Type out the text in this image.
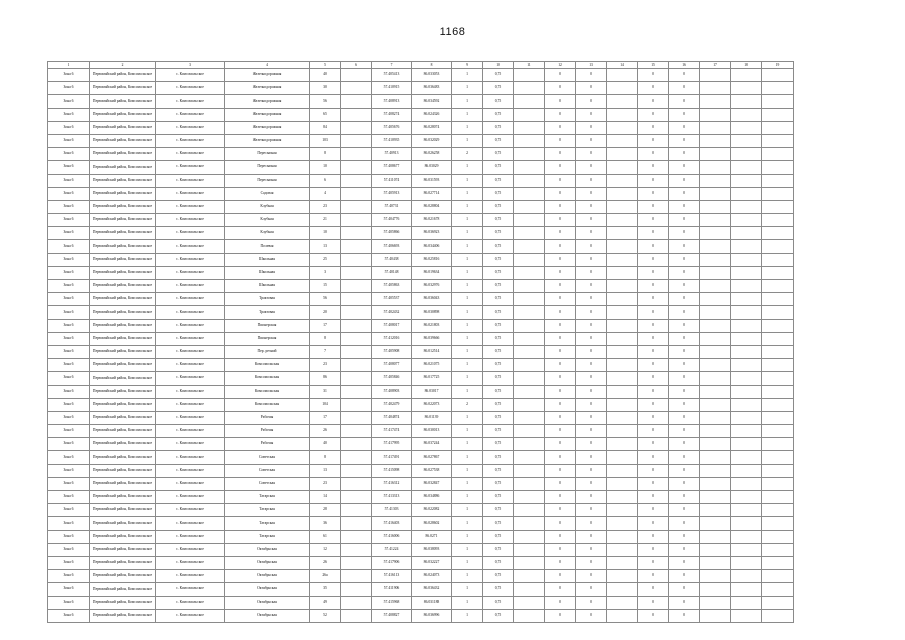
1168
1	2	3	4	5	6	7	8	9	10	11	12	13	14	15	16	17	18	19
Зона 6	Первомайский район, Комсомольское	с. Комсомольское	Железнодорожная	40		57.405413	86.033053	1	0,75		0	0		0	0			
Зона 6	Первомайский район, Комсомольское	с. Комсомольское	Железнодорожная	30		57.410915	86.036483	1	0,75		0	0		0	0			
Зона 6	Первомайский район, Комсомольское	с. Комсомольское	Железнодорожная	56		57.408913	86.034592	1	0,75		0	0		0	0			
Зона 6	Первомайский район, Комсомольское	с. Комсомольское	Железнодорожная	65		57.408274	86.024326	1	0,75		0	0		0	0			
Зона 6	Первомайский район, Комсомольское	с. Комсомольское	Железнодорожная	84		57.405676	86.028074	1	0,75		0	0		0	0			
Зона 6	Первомайский район, Комсомольское	с. Комсомольское	Железнодорожная	103		57.410935	86.032029	1	0,75		0	0		0	0			
Зона 6	Первомайский район, Комсомольское	с. Комсомольское	Пересыпная	8		57.40913	86.026258	2	0,75		0	0		0	0			
Зона 6	Первомайский район, Комсомольское	с. Комсомольское	Пересыпная	10		57.408677	86.03029	1	0,75		0	0		0	0			
Зона 6	Первомайский район, Комсомольское	с. Комсомольское	Пересыпная	6		57.411074	86.031593	1	0,75		0	0		0	0			
Зона 6	Первомайский район, Комсомольское	с. Комсомольское	Садовая	4		57.405913	86.027714	1	0,75		0	0		0	0			
Зона 6	Первомайский район, Комсомольское	с. Комсомольское	Клубная	23		57.40731	86.028804	1	0,75		0	0		0	0			
Зона 6	Первомайский район, Комсомольское	с. Комсомольское	Клубная	21		57.404776	86.021678	1	0,75		0	0		0	0			
Зона 6	Первомайский район, Комсомольское	с. Комсомольское	Клубная	10		57.405866	86.036923	1	0,75		0	0		0	0			
Зона 6	Первомайский район, Комсомольское	с. Комсомольское	Полевая	13		57.406693	86.034406	1	0,75		0	0		0	0			
Зона 6	Первомайский район, Комсомольское	с. Комсомольское	Школьная	25		57.40438	86.025816	1	0,75		0	0		0	0			
Зона 6	Первомайский район, Комсомольское	с. Комсомольское	Школьная	3		57.40148	86.019634	1	0,75		0	0		0	0			
Зона 6	Первомайский район, Комсомольское	с. Комсомольское	Школьная	15		57.405863	86.032976	1	0,75		0	0		0	0			
Зона 6	Первомайский район, Комсомольское	с. Комсомольское	Трактовая	56		57.405537	86.036043	1	0,75		0	0		0	0			
Зона 6	Первомайский район, Комсомольское	с. Комсомольское	Трактовая	20		57.402432	86.030898	1	0,75		0	0		0	0			
Зона 6	Первомайский район, Комсомольское	с. Комсомольское	Пионерская	17		57.408017	86.021803	1	0,75		0	0		0	0			
Зона 6	Первомайский район, Комсомольское	с. Комсомольское	Пионерская	8		57.412016	86.039666	1	0,75		0	0		0	0			
Зона 6	Первомайский район, Комсомольское	с. Комсомольское	Пер. речной	7		57.405908	86.012514	1	0,75		0	0		0	0			
Зона 6	Первомайский район, Комсомольское	с. Комсомольское	Комсомольская	23		57.408077	86.021075	1	0,75		0	0		0	0			
Зона 6	Первомайский район, Комсомольское	с. Комсомольское	Комсомольская	86		57.405846	86.017725	1	0,75		0	0		0	0			
Зона 6	Первомайский район, Комсомольское	с. Комсомольское	Комсомольская	31		57.408903	86.03017	1	0,75		0	0		0	0			
Зона 6	Первомайский район, Комсомольское	с. Комсомольское	Комсомольская	104		57.402479	86.022073	2	0,75		0	0		0	0			
Зона 6	Первомайский район, Комсомольское	с. Комсомольское	Рабочая	17		57.404874	86.01139	1	0,75		0	0		0	0			
Зона 6	Первомайский район, Комсомольское	с. Комсомольское	Рабочая	26		57.417474	86.030013	1	0,75		0	0		0	0			
Зона 6	Первомайский район, Комсомольское	с. Комсомольское	Рабочая	40		57.417995	86.037244	1	0,75		0	0		0	0			
Зона 6	Первомайский район, Комсомольское	с. Комсомольское	Советская	8		57.417491	86.027867	1	0,75		0	0		0	0			
Зона 6	Первомайский район, Комсомольское	с. Комсомольское	Советская	13		57.415098	86.027538	1	0,75		0	0		0	0			
Зона 6	Первомайский район, Комсомольское	с. Комсомольское	Советская	23		57.416312	86.032847	1	0,75		0	0		0	0			
Зона 6	Первомайский район, Комсомольское	с. Комсомольское	Татарская	14		57.413313	86.034886	1	0,75		0	0		0	0			
Зона 6	Первомайский район, Комсомольское	с. Комсомольское	Татарская	28		57.41303	86.022082	1	0,75		0	0		0	0			
Зона 6	Первомайский район, Комсомольское	с. Комсомольское	Татарская	36		57.416403	86.028602	1	0,75		0	0		0	0			
Зона 6	Первомайский район, Комсомольское	с. Комсомольское	Татарская	61		57.416006	86.0271	1	0,75		0	0		0	0			
Зона 6	Первомайский район, Комсомольское	с. Комсомольское	Октябрьская	12		57.41224	86.038093	1	0,75		0	0		0	0			
Зона 6	Первомайский район, Комсомольское	с. Комсомольское	Октябрьская	26		57.417906	86.032227	1	0,75		0	0		0	0			
Зона 6	Первомайский район, Комсомольское	с. Комсомольское	Октябрьская	26a		57.416113	86.024073	1	0,75		0	0		0	0			
Зона 6	Первомайский район, Комсомольское	с. Комсомольское	Октябрьская	35		57.411906	86.036432	1	0,75		0	0		0	0			
Зона 6	Первомайский район, Комсомольское	с. Комсомольское	Октябрьская	49		57.415968	86.031188	1	0,75		0	0		0	0			
Зона 6	Первомайский район, Комсомольское	с. Комсомольское	Октябрьская	52		57.408827	86.036996	1	0,75		0	0		0	0			
